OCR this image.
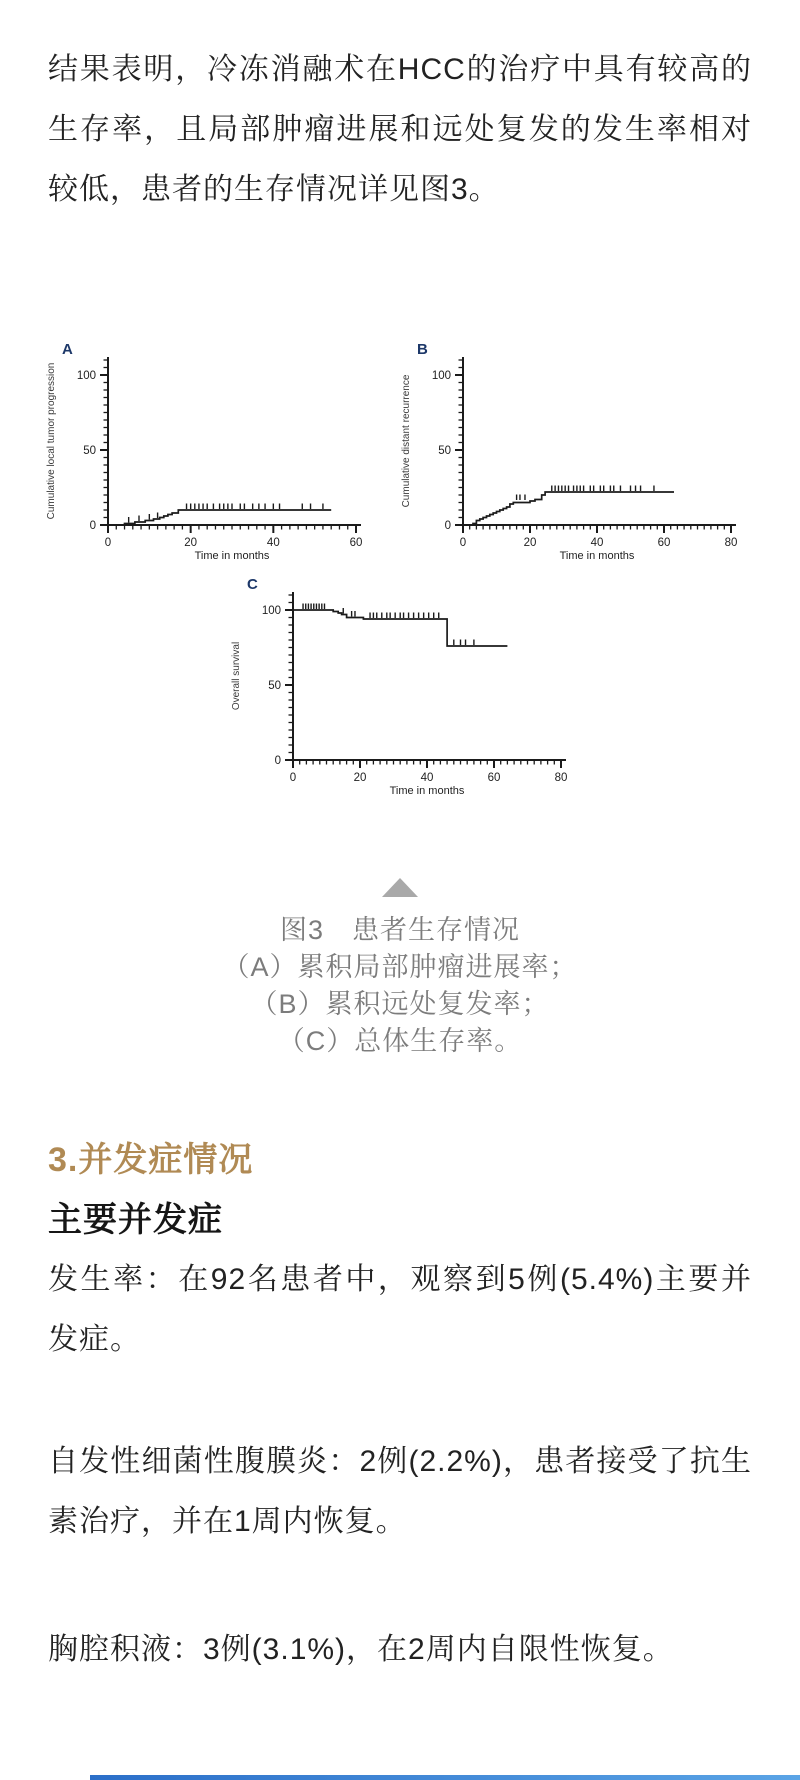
结果表明，冷冻消融术在HCC的治疗中具有较高的生存率，且局部肿瘤进展和远处复发的发生率相对较低，患者的生存情况详见图3。

0
50
100
0	20	40	60
Time in months
Cumulative local tumor progression
A
0
50
100
0	20	40	60	80
Time in months
Cumulative distant recurrence
B
0
50
100
0	20	40	60	80
Time in months
Overall survival
C
图3　患者生存情况
（A）累积局部肿瘤进展率；
（B）累积远处复发率；
（C）总体生存率。
3.并发症情况
主要并发症

发生率：在92名患者中，观察到5例(5.4%)主要并发症。

自发性细菌性腹膜炎：2例(2.2%)，患者接受了抗生素治疗，并在1周内恢复。

胸腔积液：3例(3.1%)，在2周内自限性恢复。
